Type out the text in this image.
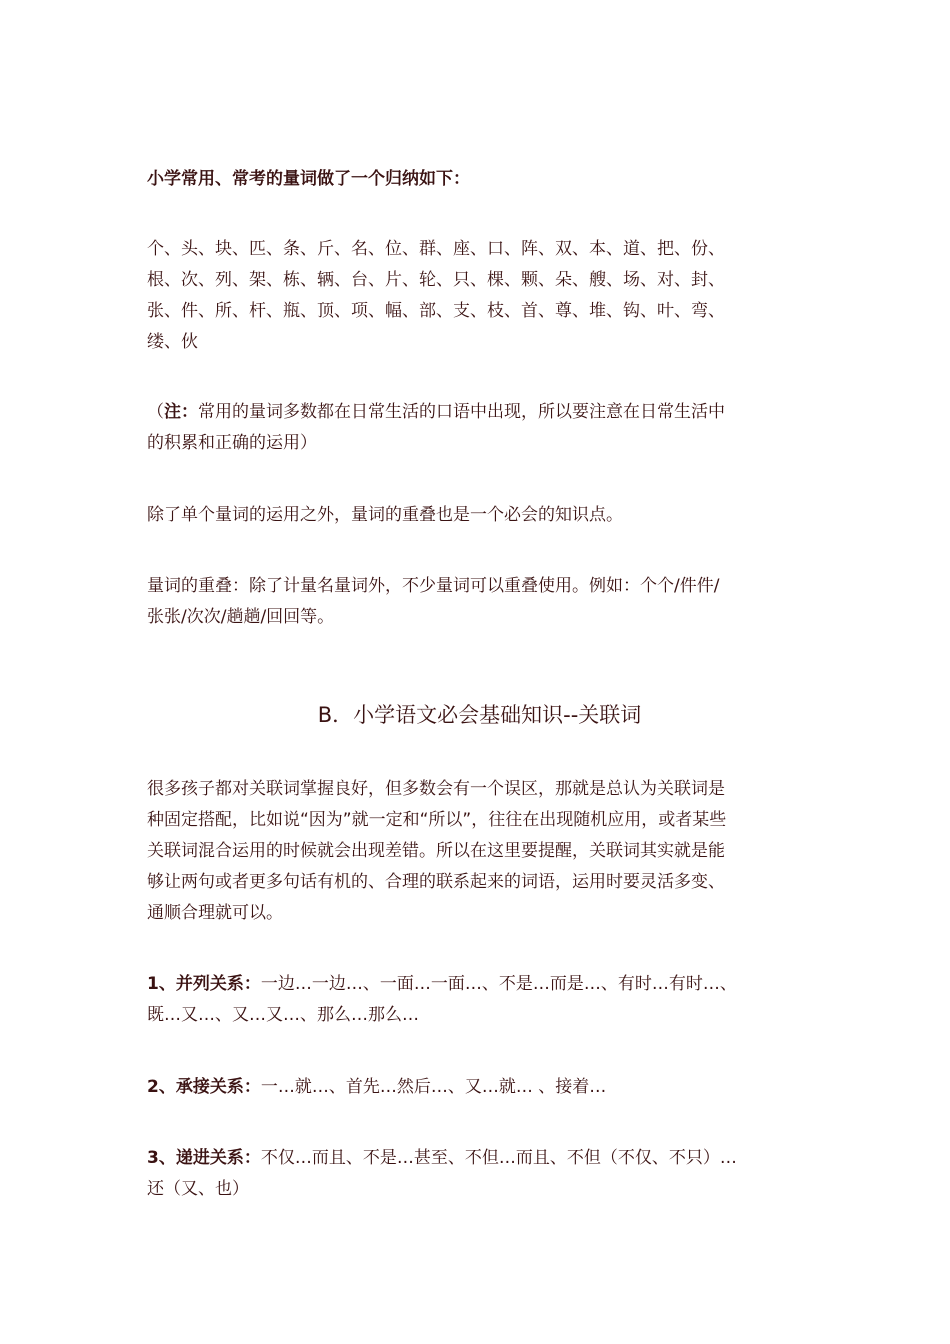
小学常用、常考的量词做了一个归纳如下：

个、头、块、匹、条、斤、名、位、群、座、口、阵、双、本、道、把、份、
根、次、列、架、栋、辆、台、片、轮、只、棵、颗、朵、艘、场、对、封、
张、件、所、杆、瓶、顶、项、幅、部、支、枝、首、尊、堆、钩、叶、弯、
缕、伙
（注：常用的量词多数都在日常生活的口语中出现，所以要注意在日常生活中
的积累和正确的运用）

除了单个量词的运用之外，量词的重叠也是一个必会的知识点。

量词的重叠：除了计量名量词外，不少量词可以重叠使用。例如：个个/件件/
张张/次次/趟趟/回回等。
B．小学语文必会基础知识--关联词
很多孩子都对关联词掌握良好，但多数会有一个误区，那就是总认为关联词是
种固定搭配，比如说“因为”就一定和“所以”，往往在出现随机应用，或者某些
关联词混合运用的时候就会出现差错。所以在这里要提醒，关联词其实就是能
够让两句或者更多句话有机的、合理的联系起来的词语，运用时要灵活多变、
通顺合理就可以。
1、并列关系：一边…一边…、一面…一面…、不是…而是…、有时…有时…、
既…又…、又…又…、那么…那么…
2、承接关系：一…就…、首先…然后…、又…就… 、接着…
3、递进关系：不仅…而且、不是…甚至、不但…而且、不但（不仅、不只）…
还（又、也）
